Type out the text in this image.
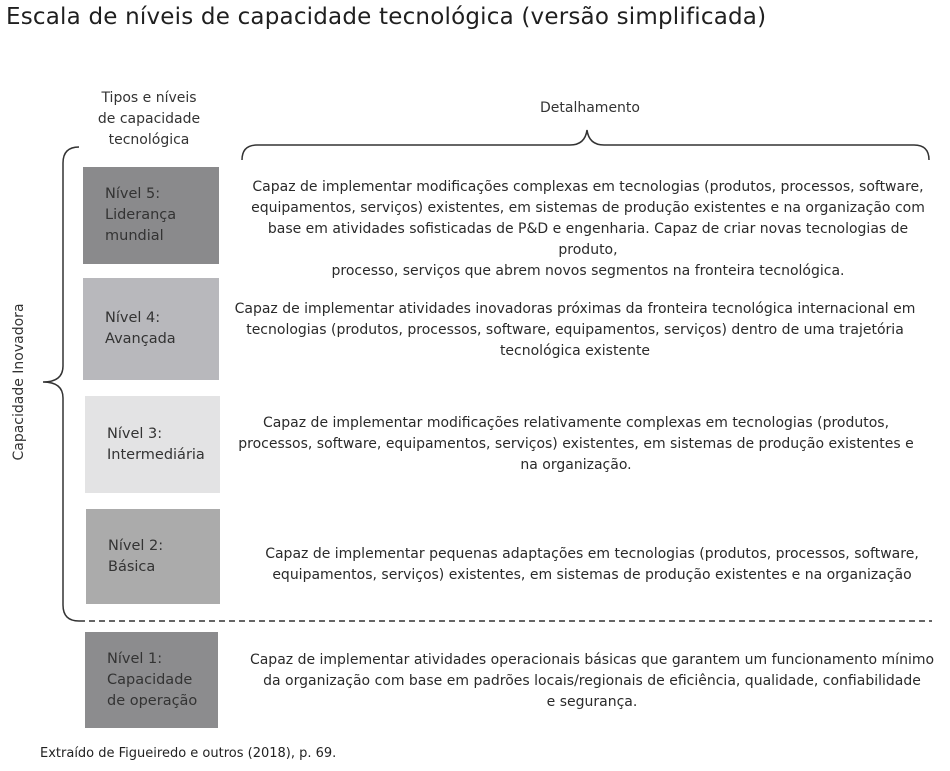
Escala de níveis de capacidade tecnológica (versão simplificada)
Tipos e níveis
de capacidade
tecnológica
Detalhamento
Capacidade Inovadora
Nível 5:
Liderança
mundial
Capaz de implementar modificações complexas em tecnologias (produtos, processos, software,
equipamentos, serviços) existentes, em sistemas de produção existentes e na organização com
base em atividades sofisticadas de P&D e engenharia. Capaz de criar novas tecnologias de produto,
processo, serviços que abrem novos segmentos na fronteira tecnológica.
Nível 4:
Avançada
Capaz de implementar atividades inovadoras próximas da fronteira tecnológica internacional em
tecnologias (produtos, processos, software, equipamentos, serviços) dentro de uma trajetória
tecnológica existente
Nível 3:
Intermediária
Capaz de implementar modificações relativamente complexas em tecnologias (produtos,
processos, software, equipamentos, serviços) existentes, em sistemas de produção existentes e
na organização.
Nível 2:
Básica
Capaz de implementar pequenas adaptações em tecnologias (produtos, processos, software,
equipamentos, serviços) existentes, em sistemas de produção existentes e na organização
Nível 1:
Capacidade
de operação
Capaz de implementar atividades operacionais básicas que garantem um funcionamento mínimo
da organização com base em padrões locais/regionais de eficiência, qualidade, confiabilidade
e segurança.
Extraído de Figueiredo e outros (2018), p. 69.
